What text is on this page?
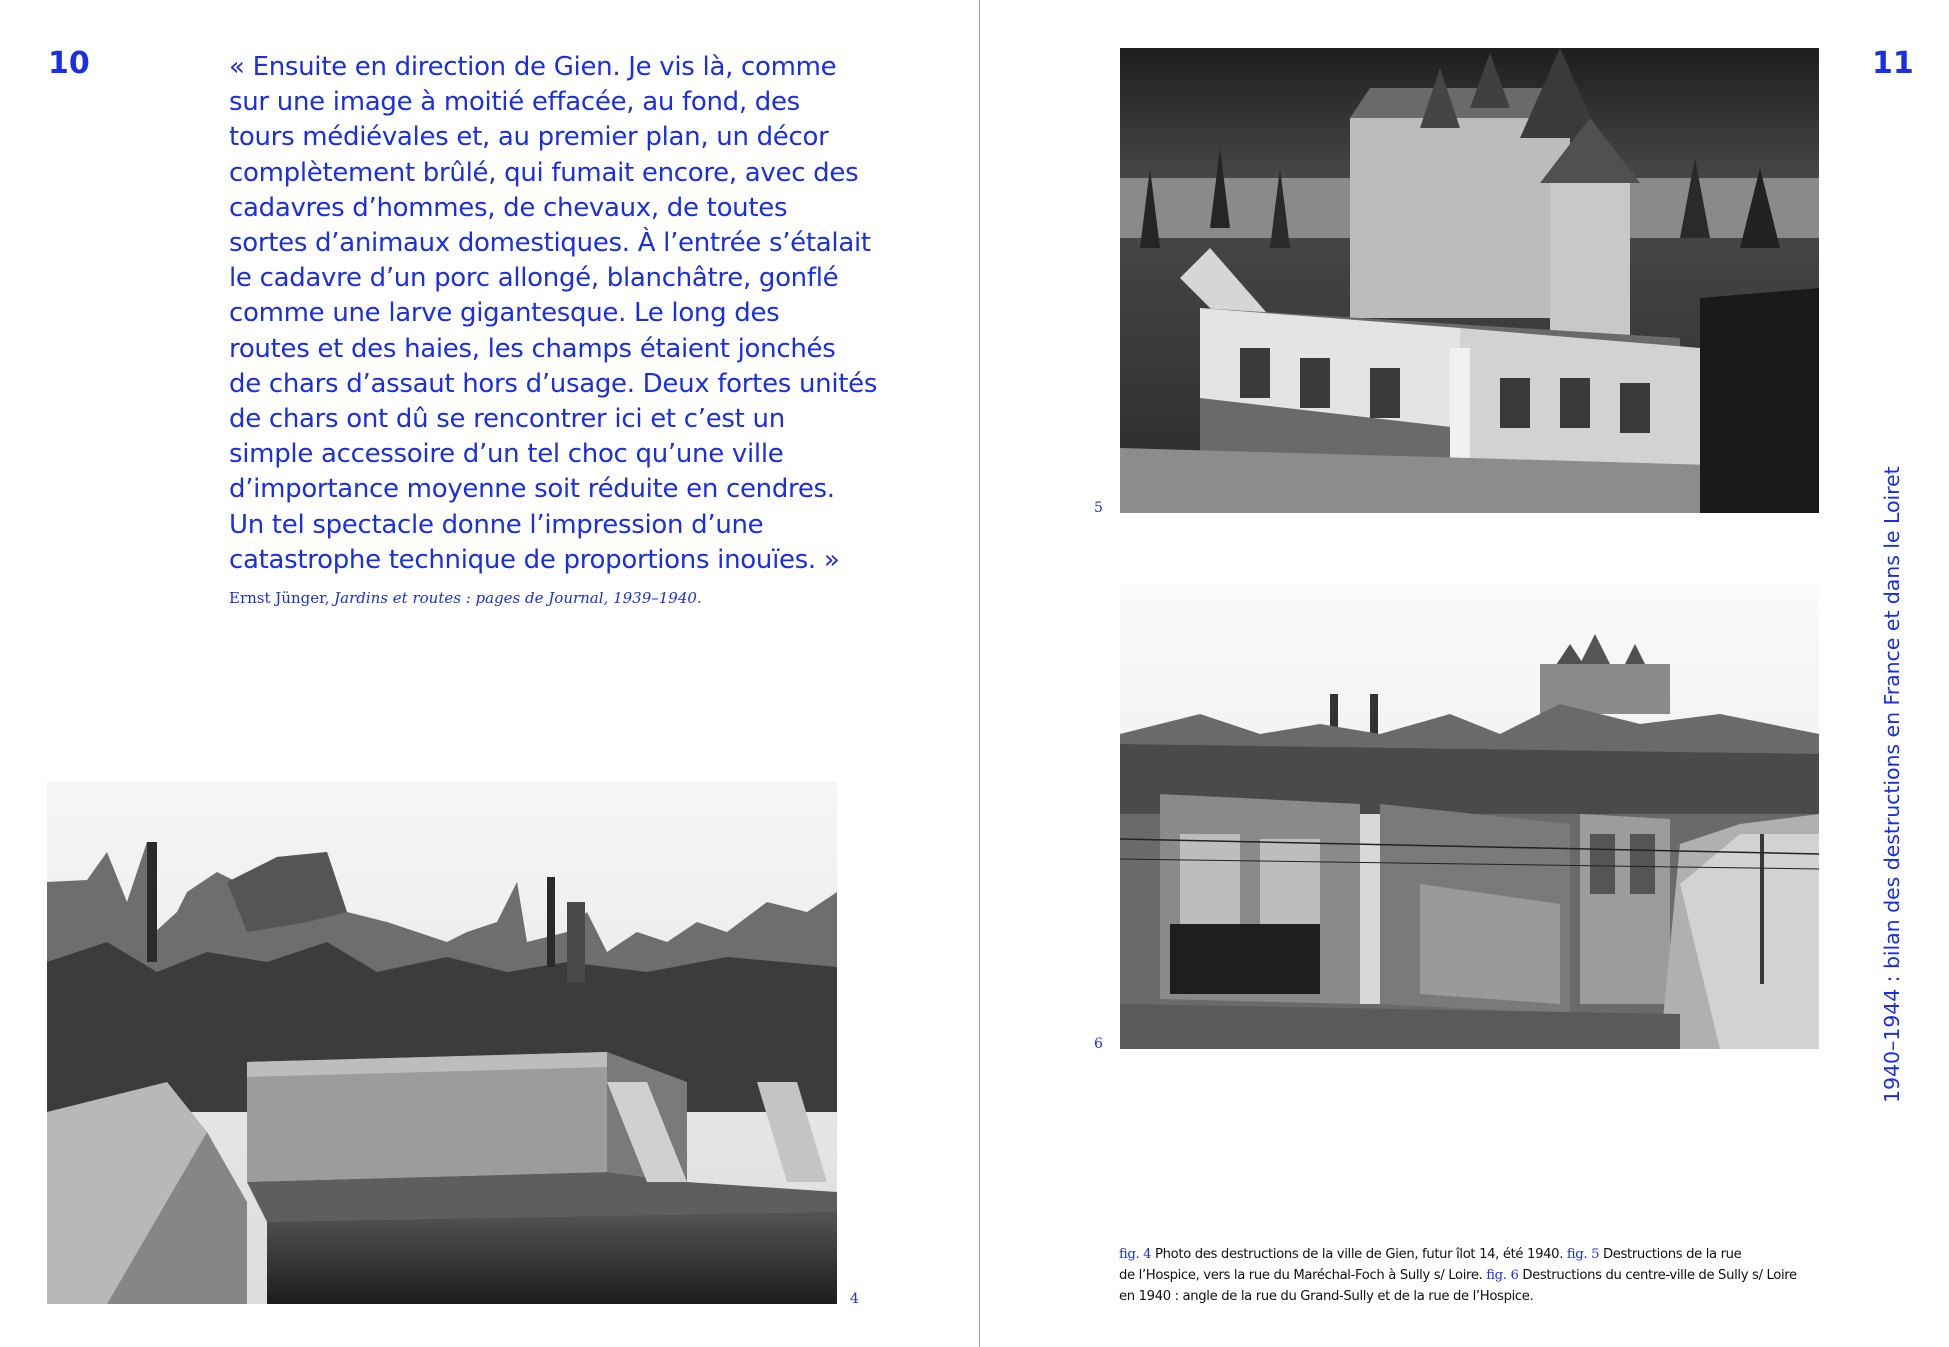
10	11
« Ensuite en direction de Gien. Je vis là, comme
sur une image à moitié effacée, au fond, des
tours médiévales et, au premier plan, un décor
complètement brûlé, qui fumait encore, avec des
cadavres d’hommes, de chevaux, de toutes
sortes d’animaux domestiques. À l’entrée s’étalait
le cadavre d’un porc allongé, blanchâtre, gonflé
comme une larve gigantesque. Le long des
routes et des haies, les champs étaient jonchés
de chars d’assaut hors d’usage. Deux fortes unités
de chars ont dû se rencontrer ici et c’est un
simple accessoire d’un tel choc qu’une ville
d’importance moyenne soit réduite en cendres.
Un tel spectacle donne l’impression d’une
catastrophe technique de proportions inouïes. »
Ernst Jünger, Jardins et routes : pages de Journal, 1939–1940.
4
5
6
fig. 4 Photo des destructions de la ville de Gien, futur îlot 14, été 1940. fig. 5 Destructions de la rue
de l’Hospice, vers la rue du Maréchal-Foch à Sully s/ Loire. fig. 6 Destructions du centre-ville de Sully s/ Loire
en 1940 : angle de la rue du Grand-Sully et de la rue de l’Hospice.
1940–1944 : bilan des destructions en France et dans le Loiret
